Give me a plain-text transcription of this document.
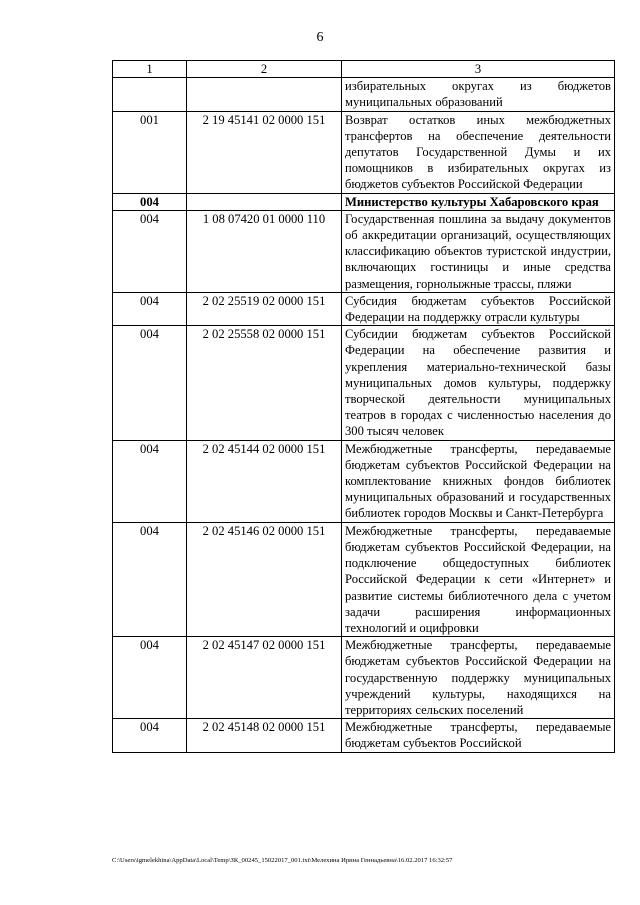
6
1	2	3
		избирательных округах из бюджетов муниципальных образований
001	2 19 45141 02 0000 151	Возврат остатков иных межбюджетных трансфертов на обеспечение деятельности депутатов Государственной Думы и их помощников в избирательных округах из бюджетов субъектов Российской Федерации
004		Министерство культуры Хабаровского края
004	1 08 07420 01 0000 110	Государственная пошлина за выдачу документов об аккредитации организаций, осуществляющих классификацию объектов туристской индустрии, включающих гостиницы и иные средства размещения, горнолыжные трассы, пляжи
004	2 02 25519 02 0000 151	Субсидия бюджетам субъектов Российской Федерации на поддержку отрасли культуры
004	2 02 25558 02 0000 151	Субсидии бюджетам субъектов Российской Федерации на обеспечение развития и укрепления материально-технической базы муниципальных домов культуры, поддержку творческой деятельности муниципальных театров в городах с численностью населения до 300 тысяч человек
004	2 02 45144 02 0000 151	Межбюджетные трансферты, передаваемые бюджетам субъектов Российской Федерации на комплектование книжных фондов библиотек муниципальных образований и государственных библиотек городов Москвы и Санкт-Петербурга
004	2 02 45146 02 0000 151	Межбюджетные трансферты, передаваемые бюджетам субъектов Российской Федерации, на подключение общедоступных библиотек Российской Федерации к сети «Интернет» и развитие системы библиотечного дела с учетом задачи расширения информационных технологий и оцифровки
004	2 02 45147 02 0000 151	Межбюджетные трансферты, передаваемые бюджетам субъектов Российской Федерации на государственную поддержку муниципальных учреждений культуры, находящихся на территориях сельских поселений
004	2 02 45148 02 0000 151	Межбюджетные трансферты, передаваемые бюджетам субъектов Российской
C:\Users\igmelekhina\AppData\Local\Temp\ЗК_00245_15022017_001.txt\Мелехина Ирина Геннадьевна\16.02.2017 16:32:57
